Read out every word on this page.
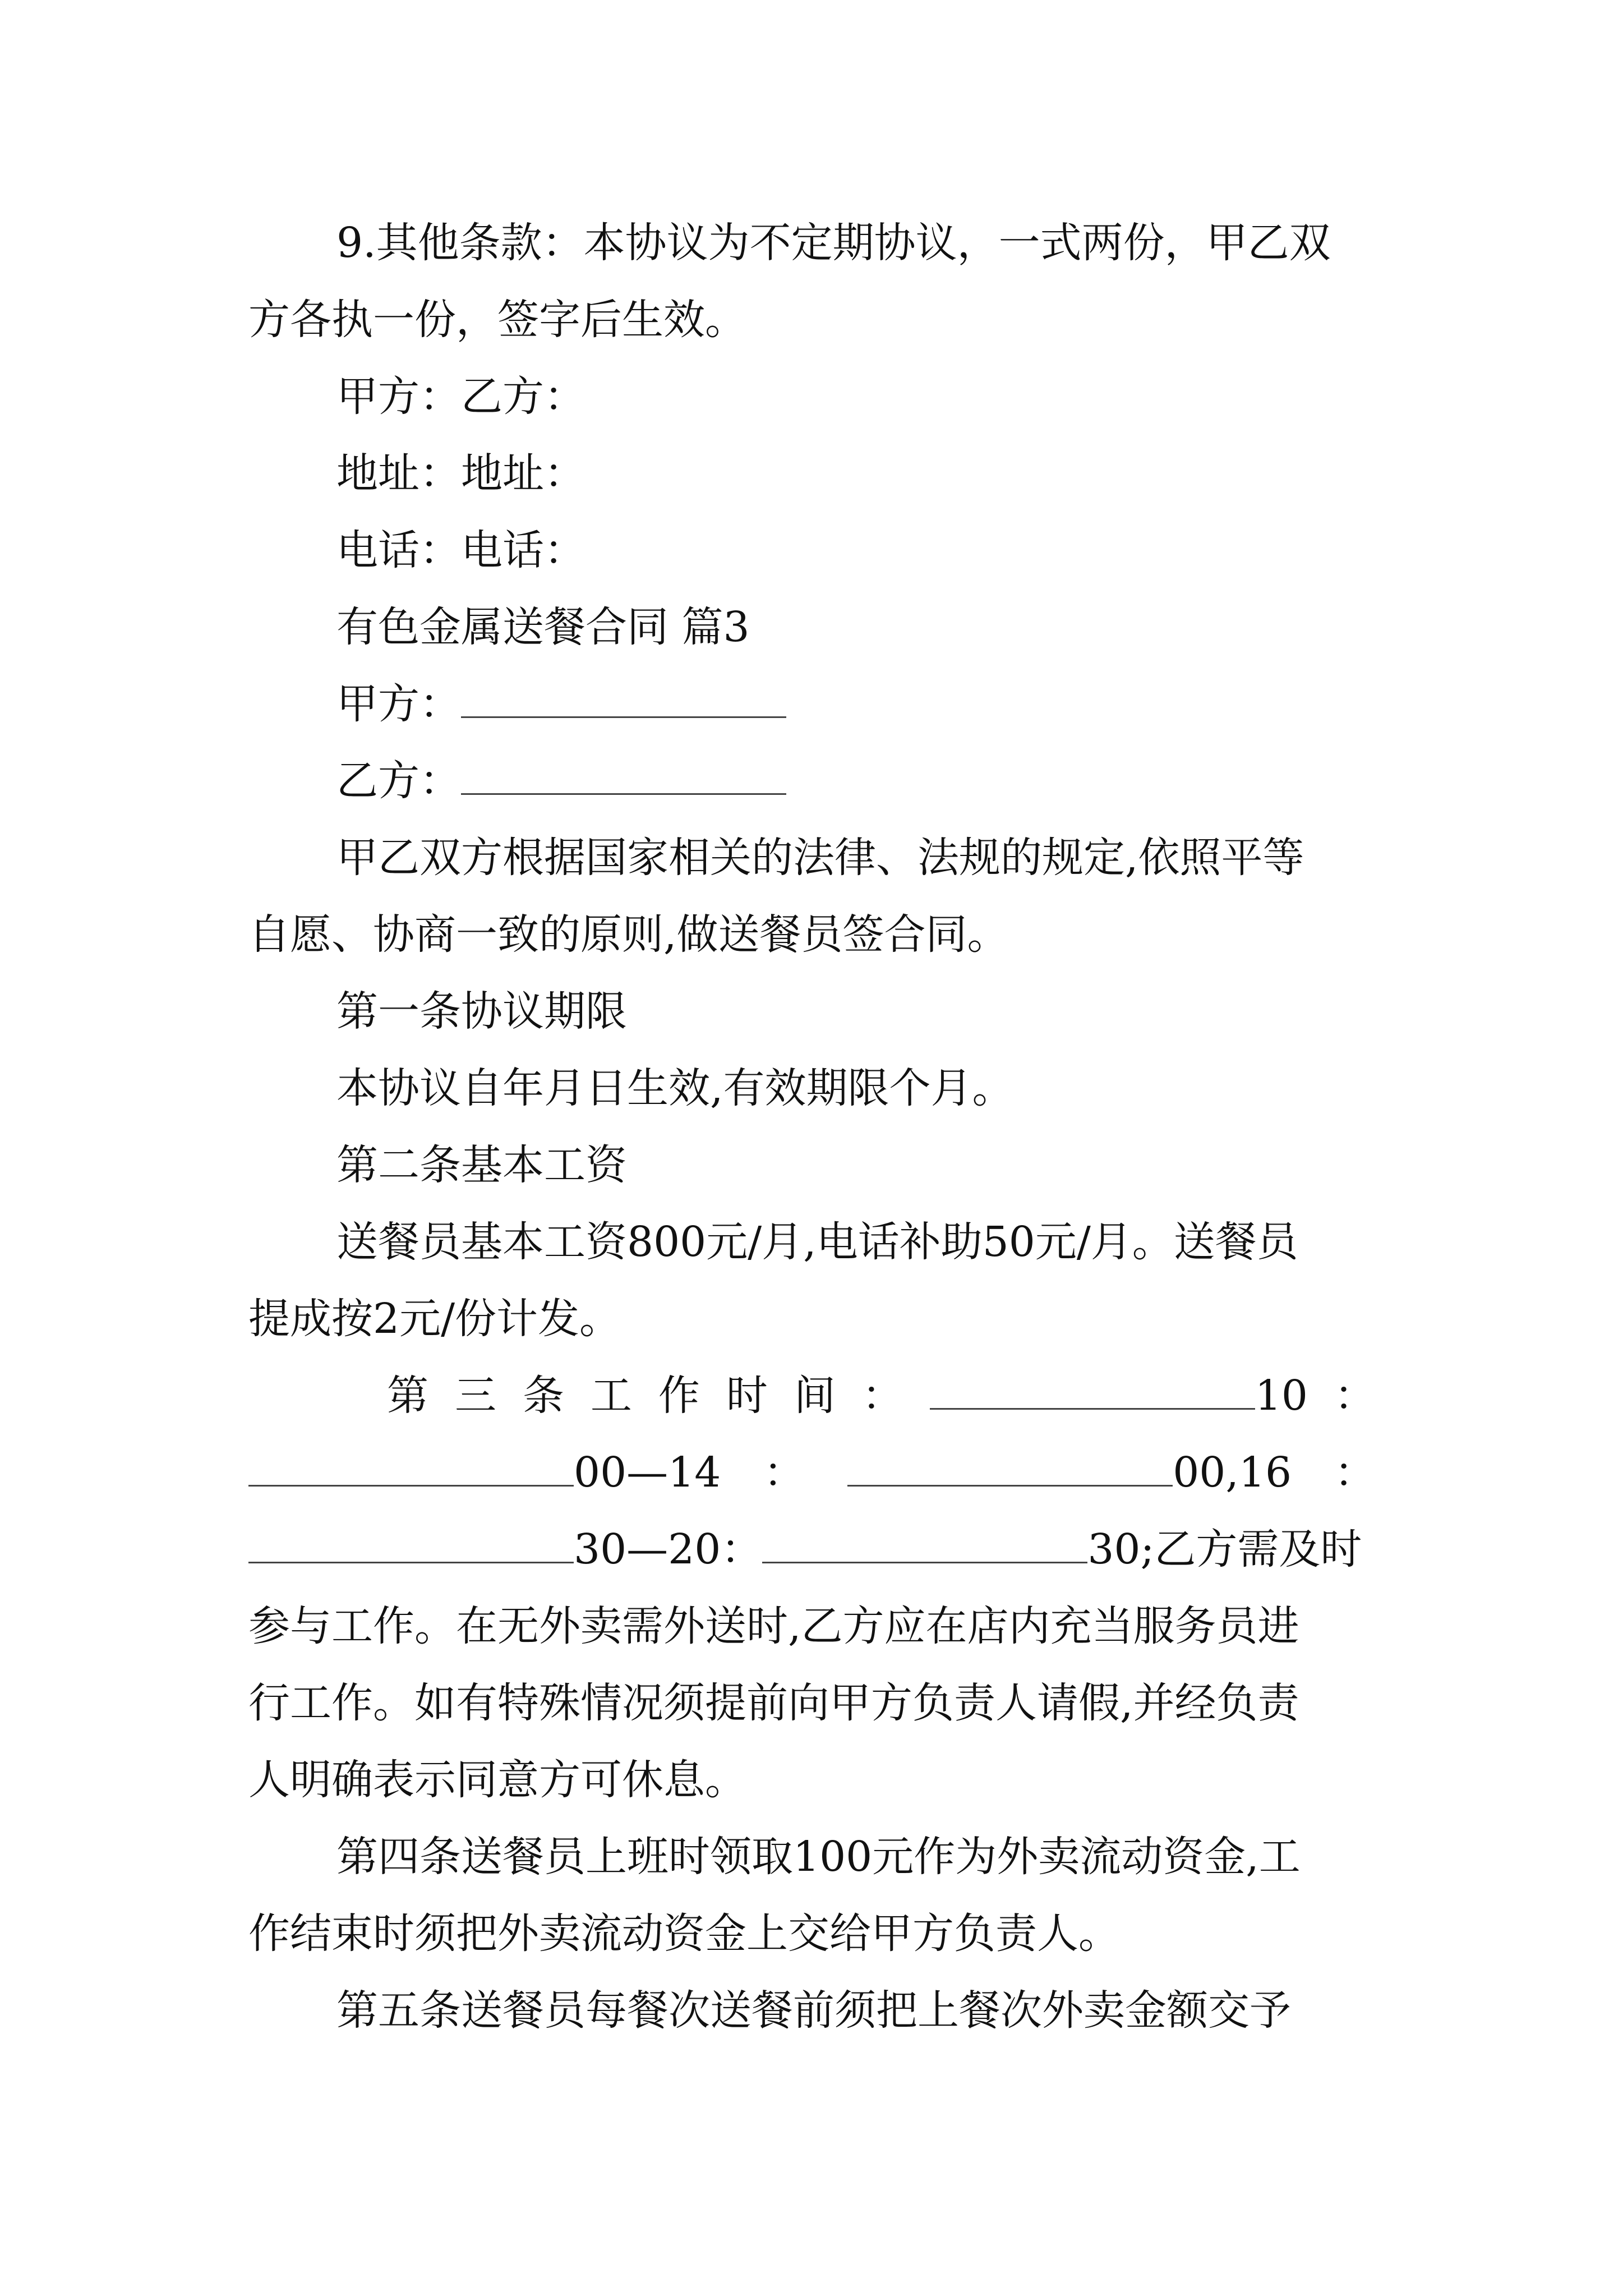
9.其他条款：本协议为不定期协议，一式两份，甲乙双
方各执一份，签字后生效。
甲方：乙方：
地址：地址：
电话：电话：
有色金属送餐合同 篇3
甲方：
乙方：
甲乙双方根据国家相关的法律、法规的规定,依照平等
自愿、协商一致的原则,做送餐员签合同。
第一条协议期限
本协议自年月日生效,有效期限个月。
第二条基本工资
送餐员基本工资800元/月,电话补助50元/月。送餐员
提成按2元/份计发。
第 三 条 工 作 时 间 ：	10 ：
00—14 ：	00,16 ：
30—20：	30;乙方需及时
参与工作。在无外卖需外送时,乙方应在店内充当服务员进
行工作。如有特殊情况须提前向甲方负责人请假,并经负责
人明确表示同意方可休息。
第四条送餐员上班时领取100元作为外卖流动资金,工
作结束时须把外卖流动资金上交给甲方负责人。
第五条送餐员每餐次送餐前须把上餐次外卖金额交予
